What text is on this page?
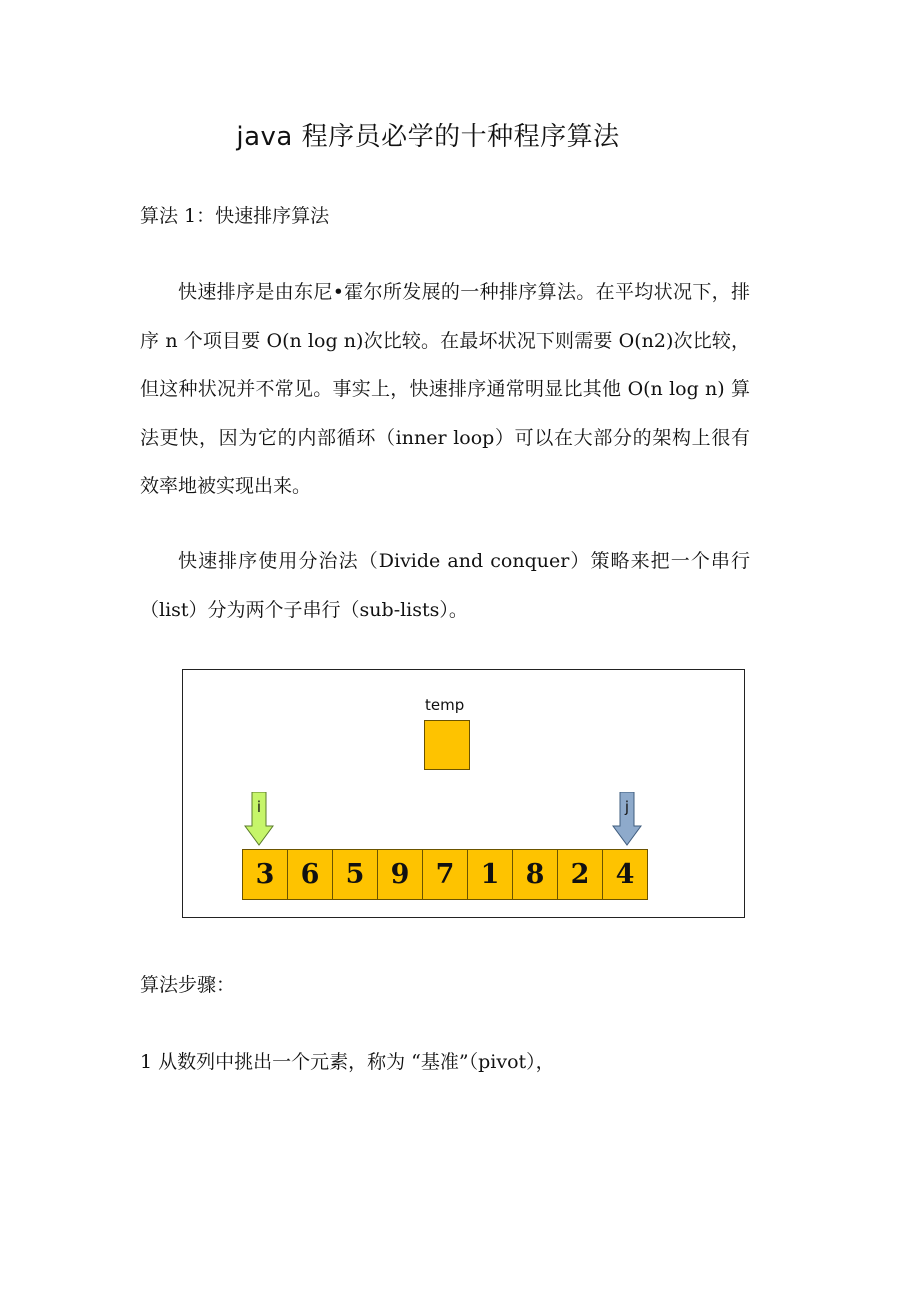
java 程序员必学的十种程序算法
算法 1：快速排序算法
快速排序是由东尼•霍尔所发展的一种排序算法。在平均状况下，排序 n 个项目要 O(n log n)次比较。在最坏状况下则需要 O(n2)次比较，但这种状况并不常见。事实上，快速排序通常明显比其他 O(n log n) 算法更快，因为它的内部循环（inner loop）可以在大部分的架构上很有效率地被实现出来。
快速排序使用分治法（Divide and conquer）策略来把一个串行（list）分为两个子串行（sub-lists）。
temp
i	j
3 6 5 9 7 1 8 2 4
算法步骤：
1 从数列中挑出一个元素，称为 “基准”（pivot），
